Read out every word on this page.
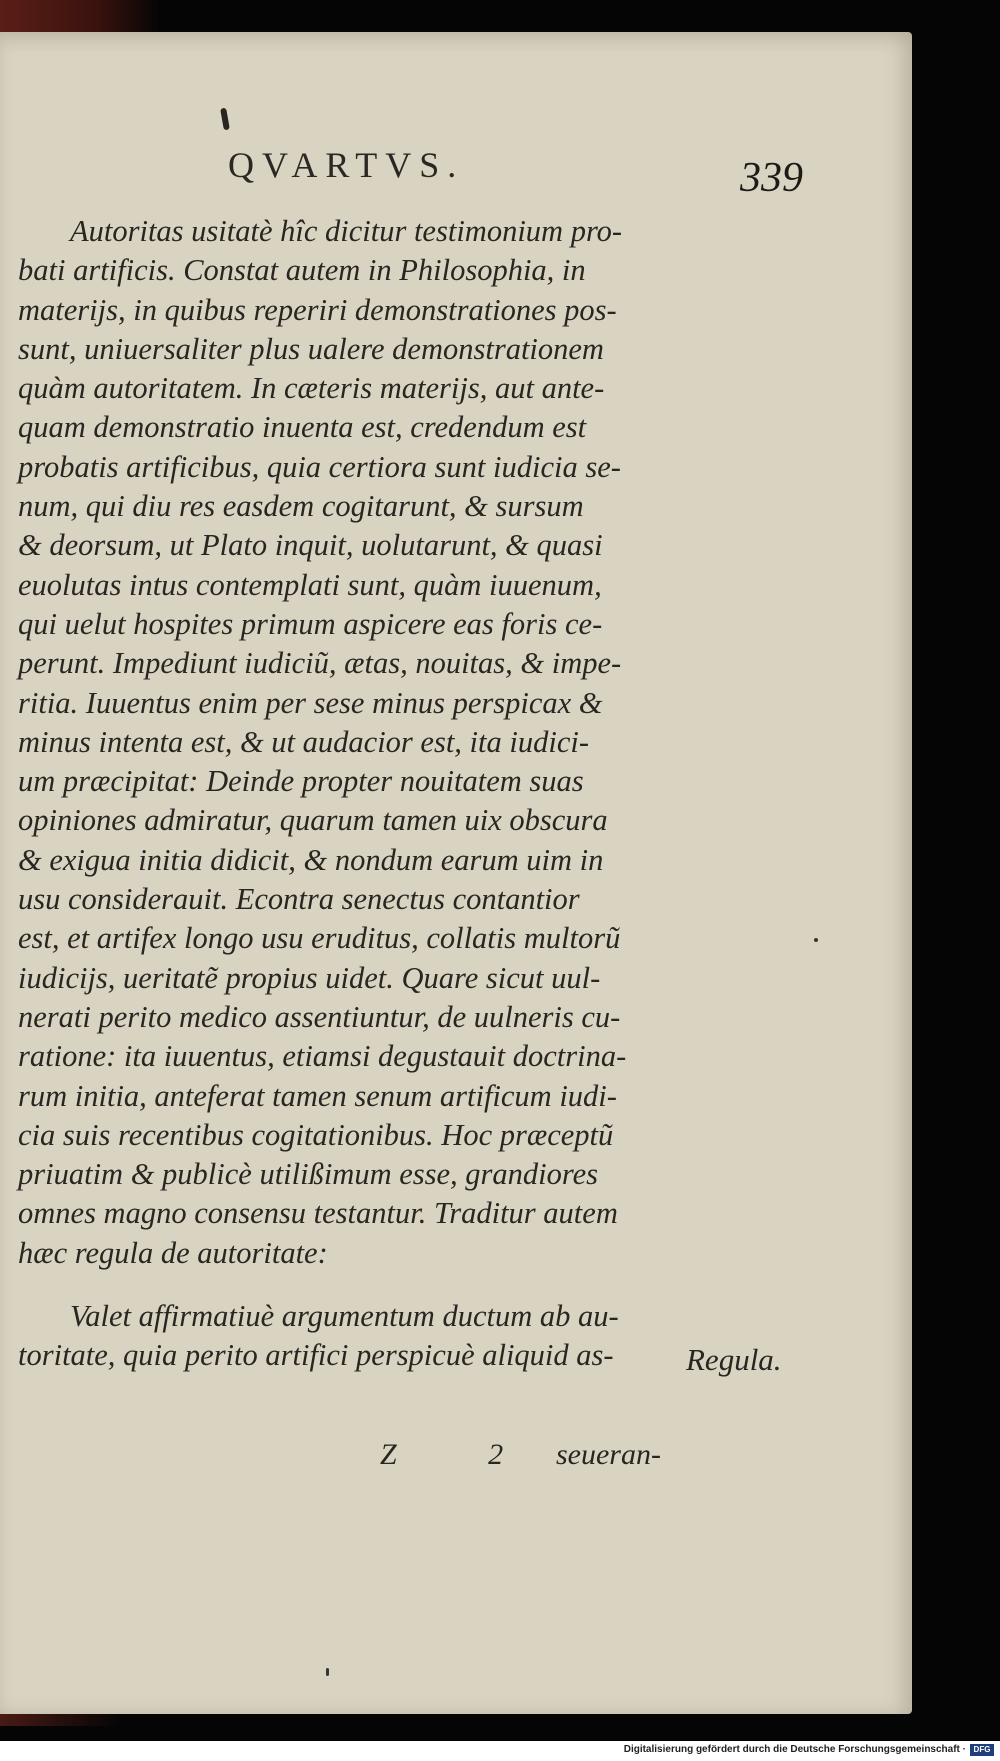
QVARTVS.	339
Autoritas usitatè hîc dicitur testimonium pro-
bati artificis. Constat autem in Philosophia, in
materijs, in quibus reperiri demonstrationes pos-
sunt, uniuersaliter plus ualere demonstrationem
quàm autoritatem. In cæteris materijs, aut ante-
quam demonstratio inuenta est, credendum est
probatis artificibus, quia certiora sunt iudicia se-
num, qui diu res easdem cogitarunt, & sursum
& deorsum, ut Plato inquit, uolutarunt, & quasi
euolutas intus contemplati sunt, quàm iuuenum,
qui uelut hospites primum aspicere eas foris ce-
perunt. Impediunt iudiciũ, ætas, nouitas, & impe-
ritia. Iuuentus enim per sese minus perspicax &
minus intenta est, & ut audacior est, ita iudici-
um præcipitat: Deinde propter nouitatem suas
opiniones admiratur, quarum tamen uix obscura
& exigua initia didicit, & nondum earum uim in
usu considerauit. Econtra senectus contantior
est, et artifex longo usu eruditus, collatis multorũ
iudicijs, ueritatẽ propius uidet. Quare sicut uul-
nerati perito medico assentiuntur, de uulneris cu-
ratione: ita iuuentus, etiamsi degustauit doctrina-
rum initia, anteferat tamen senum artificum iudi-
cia suis recentibus cogitationibus. Hoc præceptũ
priuatim & publicè utilißimum esse, grandiores
omnes magno consensu testantur. Traditur autem
hæc regula de autoritate:
Valet affirmatiuè argumentum ductum ab au-
toritate, quia perito artifici perspicuè aliquid as-	Regula.
Z 2 seueran-
Digitalisierung gefördert durch die Deutsche Forschungsgemeinschaft · DFG
